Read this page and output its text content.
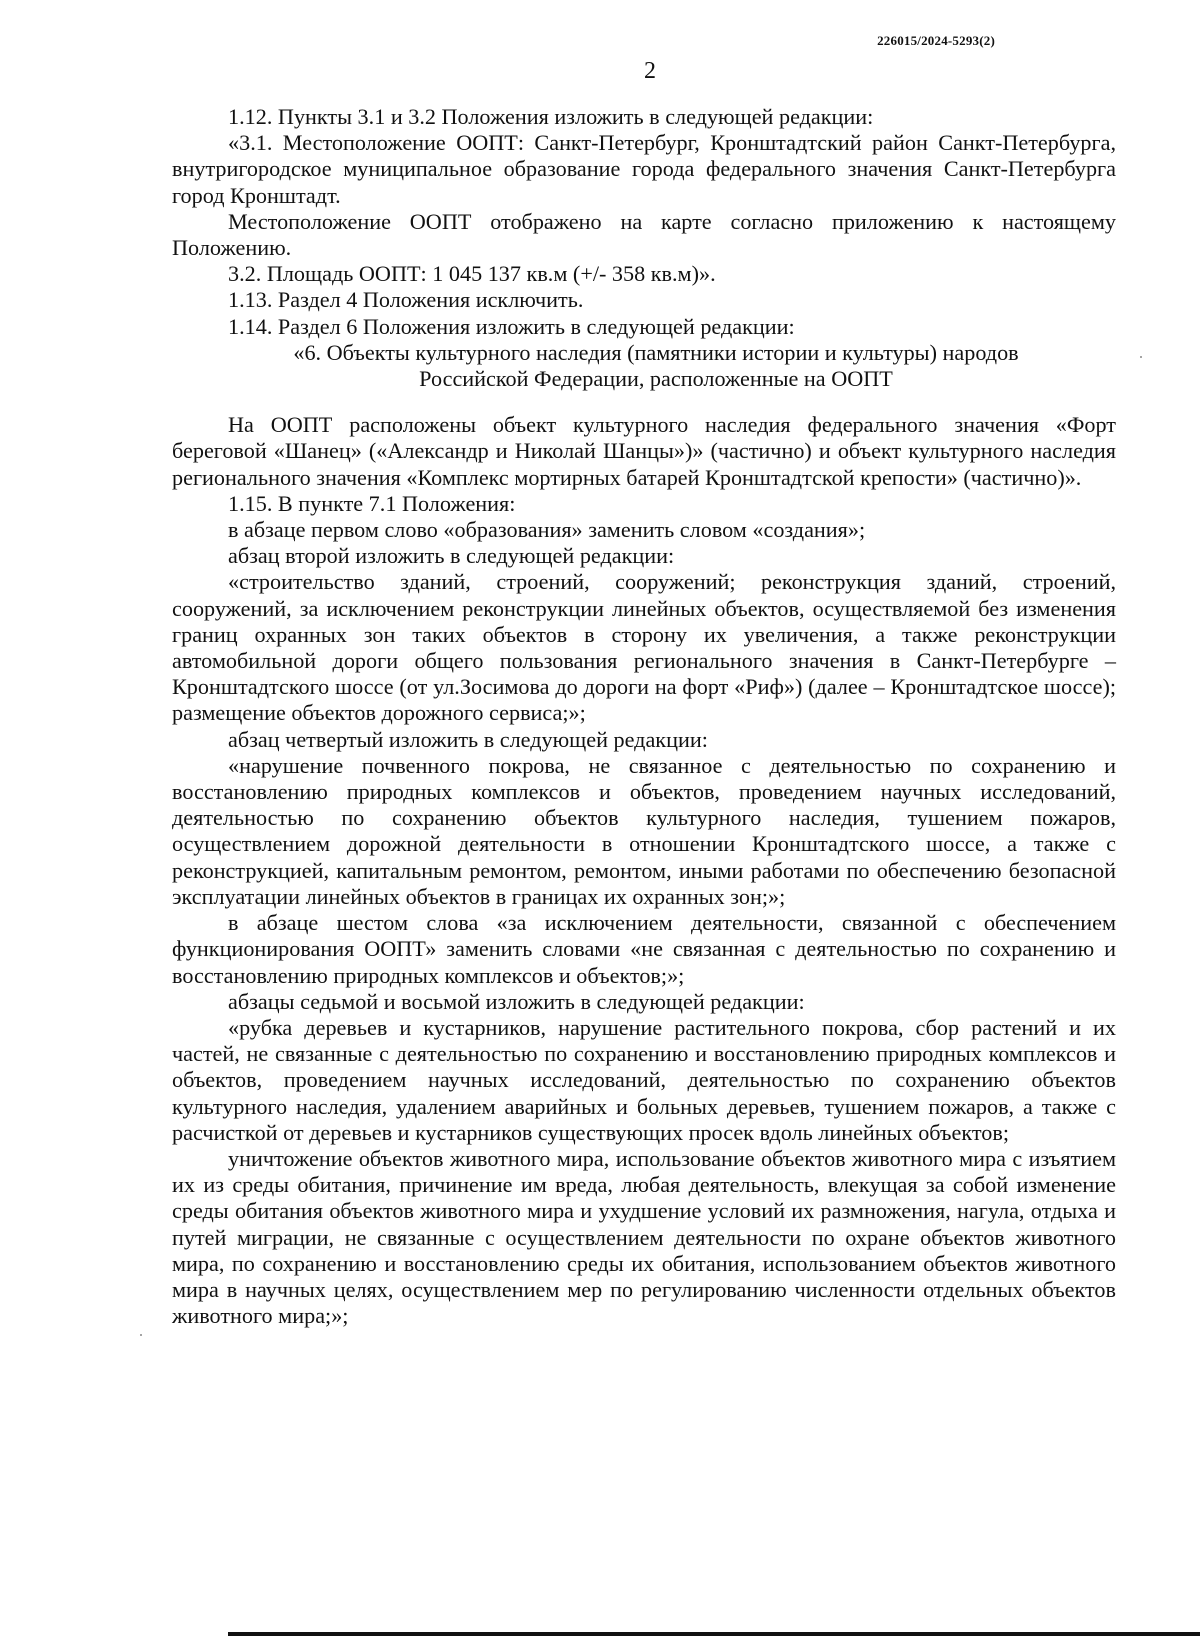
226015/2024-5293(2)
2

1.12. Пункты 3.1 и 3.2 Положения изложить в следующей редакции:

«3.1. Местоположение ООПТ: Санкт-Петербург, Кронштадтский район Санкт-Петербурга, внутригородское муниципальное образование города федерального значения Санкт-Петербурга город Кронштадт.

Местоположение ООПТ отображено на карте согласно приложению к настоящему Положению.

3.2. Площадь ООПТ: 1 045 137 кв.м (+/- 358 кв.м)».

1.13. Раздел 4 Положения исключить.

1.14. Раздел 6 Положения изложить в следующей редакции:

«6. Объекты культурного наследия (памятники истории и культуры) народов

Российской Федерации, расположенные на ООПТ

На ООПТ расположены объект культурного наследия федерального значения «Форт береговой «Шанец» («Александр и Николай Шанцы»)» (частично) и объект культурного наследия регионального значения «Комплекс мортирных батарей Кронштадтской крепости» (частично)».

1.15. В пункте 7.1 Положения:

в абзаце первом слово «образования» заменить словом «создания»;

абзац второй изложить в следующей редакции:

«строительство зданий, строений, сооружений; реконструкция зданий, строений, сооружений, за исключением реконструкции линейных объектов, осуществляемой без изменения границ охранных зон таких объектов в сторону их увеличения, а также реконструкции автомобильной дороги общего пользования регионального значения в Санкт-Петербурге – Кронштадтского шоссе (от ул.Зосимова до дороги на форт «Риф») (далее – Кронштадтское шоссе); размещение объектов дорожного сервиса;»;

абзац четвертый изложить в следующей редакции:

«нарушение почвенного покрова, не связанное с деятельностью по сохранению и восстановлению природных комплексов и объектов, проведением научных исследований, деятельностью по сохранению объектов культурного наследия, тушением пожаров, осуществлением дорожной деятельности в отношении Кронштадтского шоссе, а также с реконструкцией, капитальным ремонтом, ремонтом, иными работами по обеспечению безопасной эксплуатации линейных объектов в границах их охранных зон;»;

в абзаце шестом слова «за исключением деятельности, связанной с обеспечением функционирования ООПТ» заменить словами «не связанная с деятельностью по сохранению и восстановлению природных комплексов и объектов;»;

абзацы седьмой и восьмой изложить в следующей редакции:

«рубка деревьев и кустарников, нарушение растительного покрова, сбор растений и их частей, не связанные с деятельностью по сохранению и восстановлению природных комплексов и объектов, проведением научных исследований, деятельностью по сохранению объектов культурного наследия, удалением аварийных и больных деревьев, тушением пожаров, а также с расчисткой от деревьев и кустарников существующих просек вдоль линейных объектов;

уничтожение объектов животного мира, использование объектов животного мира с изъятием их из среды обитания, причинение им вреда, любая деятельность, влекущая за собой изменение среды обитания объектов животного мира и ухудшение условий их размножения, нагула, отдыха и путей миграции, не связанные с осуществлением деятельности по охране объектов животного мира, по сохранению и восстановлению среды их обитания, использованием объектов животного мира в научных целях, осуществлением мер по регулированию численности отдельных объектов животного мира;»;
